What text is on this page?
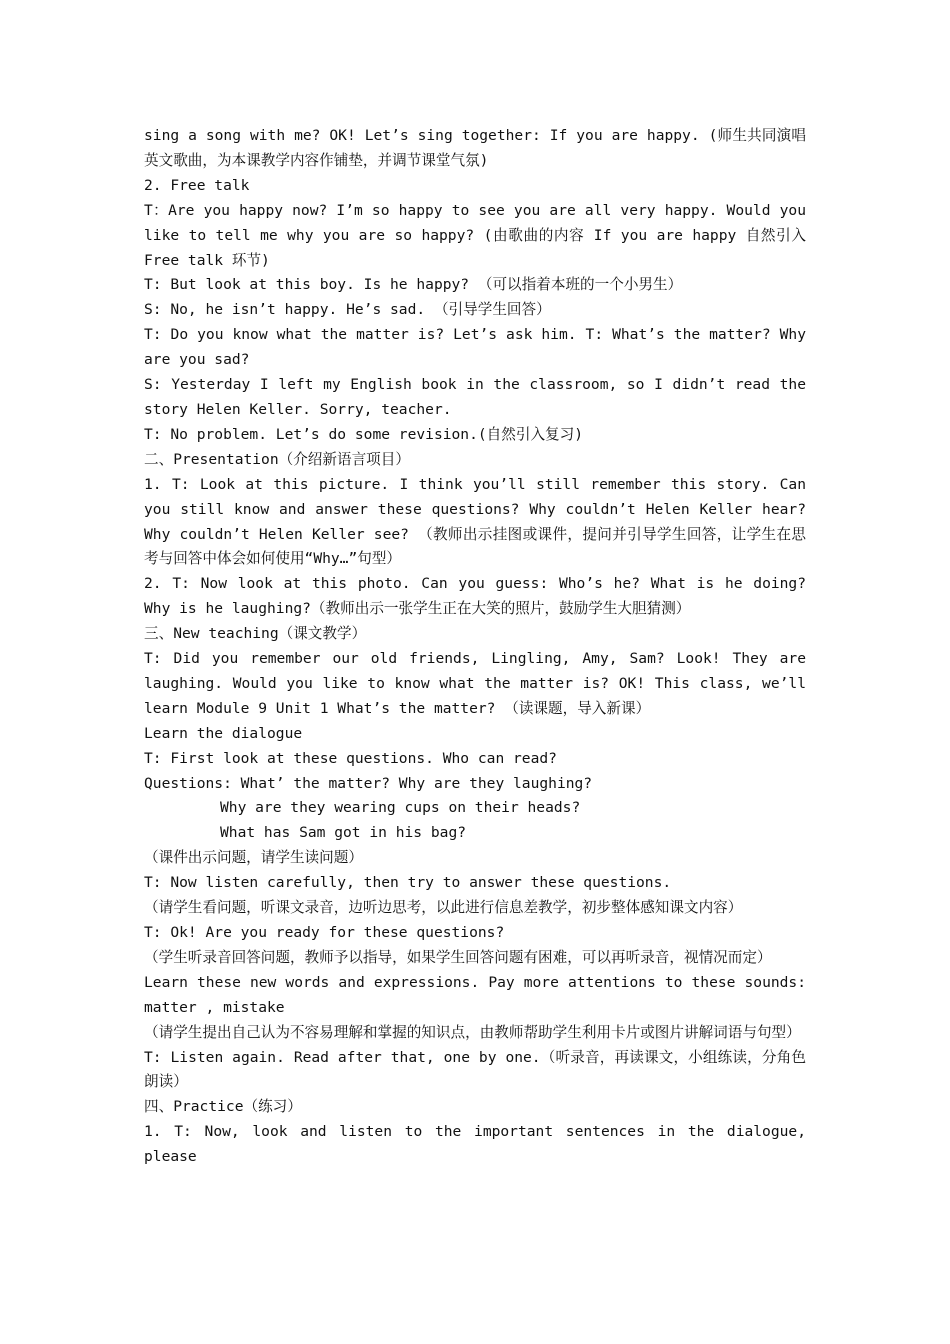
sing a song with me? OK! Let’s sing together: If you are happy. (师生共同演唱英文歌曲，为本课教学内容作铺垫，并调节课堂气氛)

2. Free talk

T：Are you happy now? I’m so happy to see you are all very happy. Would you like to tell me why you are so happy? (由歌曲的内容 If you are happy 自然引入 Free talk 环节)

T: But look at this boy. Is he happy? （可以指着本班的一个小男生）

S: No, he isn’t happy. He’s sad. （引导学生回答）

T: Do you know what the matter is? Let’s ask him. T: What’s the matter? Why are you sad?

S: Yesterday I left my English book in the classroom, so I didn’t read the story Helen Keller. Sorry, teacher.

T: No problem. Let’s do some revision.(自然引入复习)

二、Presentation（介绍新语言项目）

1. T: Look at this picture. I think you’ll still remember this story. Can you still know and answer these questions? Why couldn’t Helen Keller hear? Why couldn’t Helen Keller see? （教师出示挂图或课件，提问并引导学生回答，让学生在思考与回答中体会如何使用“Why…”句型）

2. T: Now look at this photo. Can you guess: Who’s he? What is he doing? Why is he laughing?（教师出示一张学生正在大笑的照片，鼓励学生大胆猜测）

三、New teaching（课文教学）

T: Did you remember our old friends, Lingling, Amy, Sam? Look! They are laughing. Would you like to know what the matter is? OK! This class, we’ll learn Module 9 Unit 1 What’s the matter? （读课题，导入新课）

Learn the dialogue

T: First look at these questions. Who can read?

Questions: What’ the matter? Why are they laughing?

Why are they wearing cups on their heads?

What has Sam got in his bag?

（课件出示问题，请学生读问题）

T: Now listen carefully, then try to answer these questions.

（请学生看问题，听课文录音，边听边思考，以此进行信息差教学，初步整体感知课文内容）

T: Ok! Are you ready for these questions?

（学生听录音回答问题，教师予以指导，如果学生回答问题有困难，可以再听录音，视情况而定）

Learn these new words and expressions. Pay more attentions to these sounds: matter , mistake

（请学生提出自己认为不容易理解和掌握的知识点，由教师帮助学生利用卡片或图片讲解词语与句型）

T: Listen again. Read after that, one by one.（听录音，再读课文，小组练读，分角色朗读）

四、Practice（练习）

1. T: Now, look and listen to the important sentences in the dialogue, please
